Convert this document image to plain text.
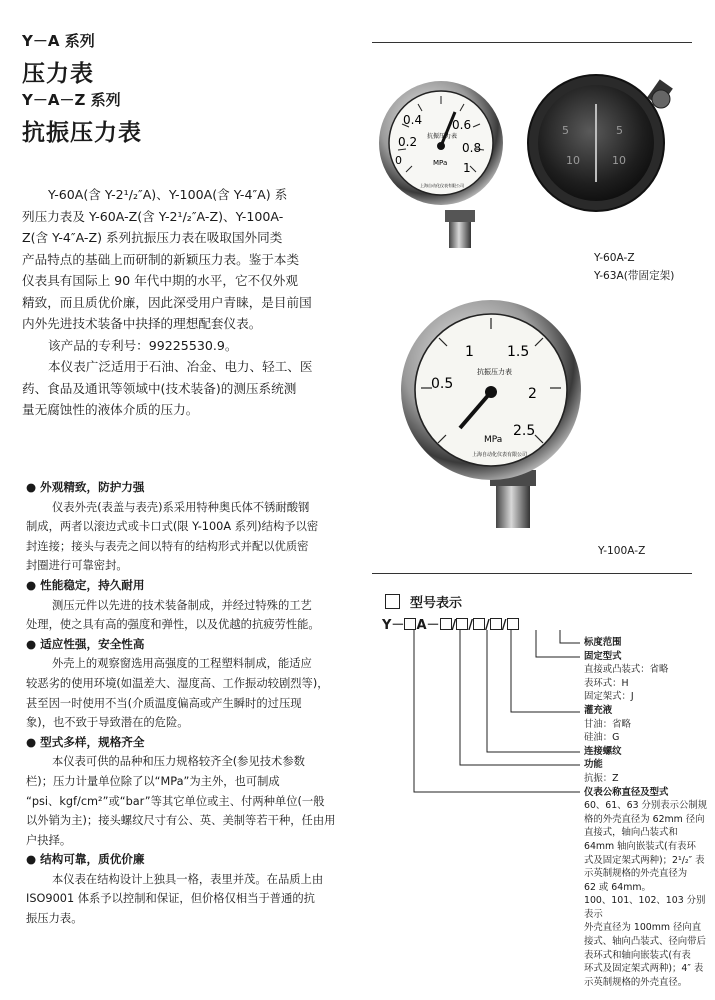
Y－A 系列
压力表
Y－A－Z 系列
抗振压力表
Y-60A(含 Y-2¹/₂″A)、Y-100A(含 Y-4″A) 系
列压力表及 Y-60A-Z(含 Y-2¹/₂″A-Z)、Y-100A-
Z(含 Y-4″A-Z) 系列抗振压力表在吸取国外同类
产品特点的基础上而研制的新颖压力表。鉴于本类
仪表具有国际上 90 年代中期的水平，它不仅外观
精致，而且质优价廉，因此深受用户青睐，是目前国
内外先进技术装备中抉择的理想配套仪表。
该产品的专利号：99225530.9。
本仪表广泛适用于石油、冶金、电力、轻工、医
药、食品及通讯等领域中(技术装备)的测压系统测
量无腐蚀性的液体介质的压力。
● 外观精致，防护力强
仪表外壳(表盖与表壳)系采用特种奥氏体不锈耐酸钢
制成，两者以滚边式或卡口式(限 Y-100A 系列)结构予以密
封连接；接头与表壳之间以特有的结构形式并配以优质密
封圈进行可靠密封。
● 性能稳定，持久耐用
测压元件以先进的技术装备制成，并经过特殊的工艺
处理，使之具有高的强度和弹性，以及优越的抗疲劳性能。
● 适应性强，安全性高
外壳上的观察窗选用高强度的工程塑料制成，能适应
较恶劣的使用环境(如温差大、湿度高、工作振动较剧烈等)，
甚至因一时使用不当(介质温度偏高或产生瞬时的过压现
象)，也不致于导致潜在的危险。
● 型式多样，规格齐全
本仪表可供的品种和压力规格较齐全(参见技术参数
栏)；压力计量单位除了以“MPa”为主外，也可制成
“psi、kgf/cm²”或“bar”等其它单位或主、付两种单位(一般
以外销为主)；接头螺纹尺寸有公、英、美制等若干种，任由用
户抉择。
● 结构可靠，质优价廉
本仪表在结构设计上独具一格，表里并茂。在品质上由
ISO9001 体系予以控制和保证，但价格仅相当于普通的抗
振压力表。
0
0.2
0.4 0.6
0.8
1
抗振压力表
MPa
上海自动化仪表有限公司
5	5
10	10
0.5
1 1.5
2
2.5
抗振压力表
MPa
上海自动化仪表有限公司
Y-60A-Z
Y-63A(带固定架)
Y-100A-Z
型号表示
Y－ A－ / / / /
标度范围
固定型式
直接或凸装式：省略
表环式：H
固定架式：J
灌充液
甘油：省略
硅油：G
连接螺纹
功能
抗振：Z
仪表公称直径及型式
60、61、63 分别表示公制规
格的外壳直径为 62mm 径向
直接式，轴向凸装式和
64mm 轴向嵌装式(有表环
式及固定架式两种)；2¹/₂″ 表
示英制规格的外壳直径为
62 或 64mm。
100、101、102、103 分别表示
外壳直径为 100mm 径向直
接式、轴向凸装式、径向带后
表环式和轴向嵌装式(有表
环式及固定架式两种)；4″ 表
示英制规格的外壳直径。
